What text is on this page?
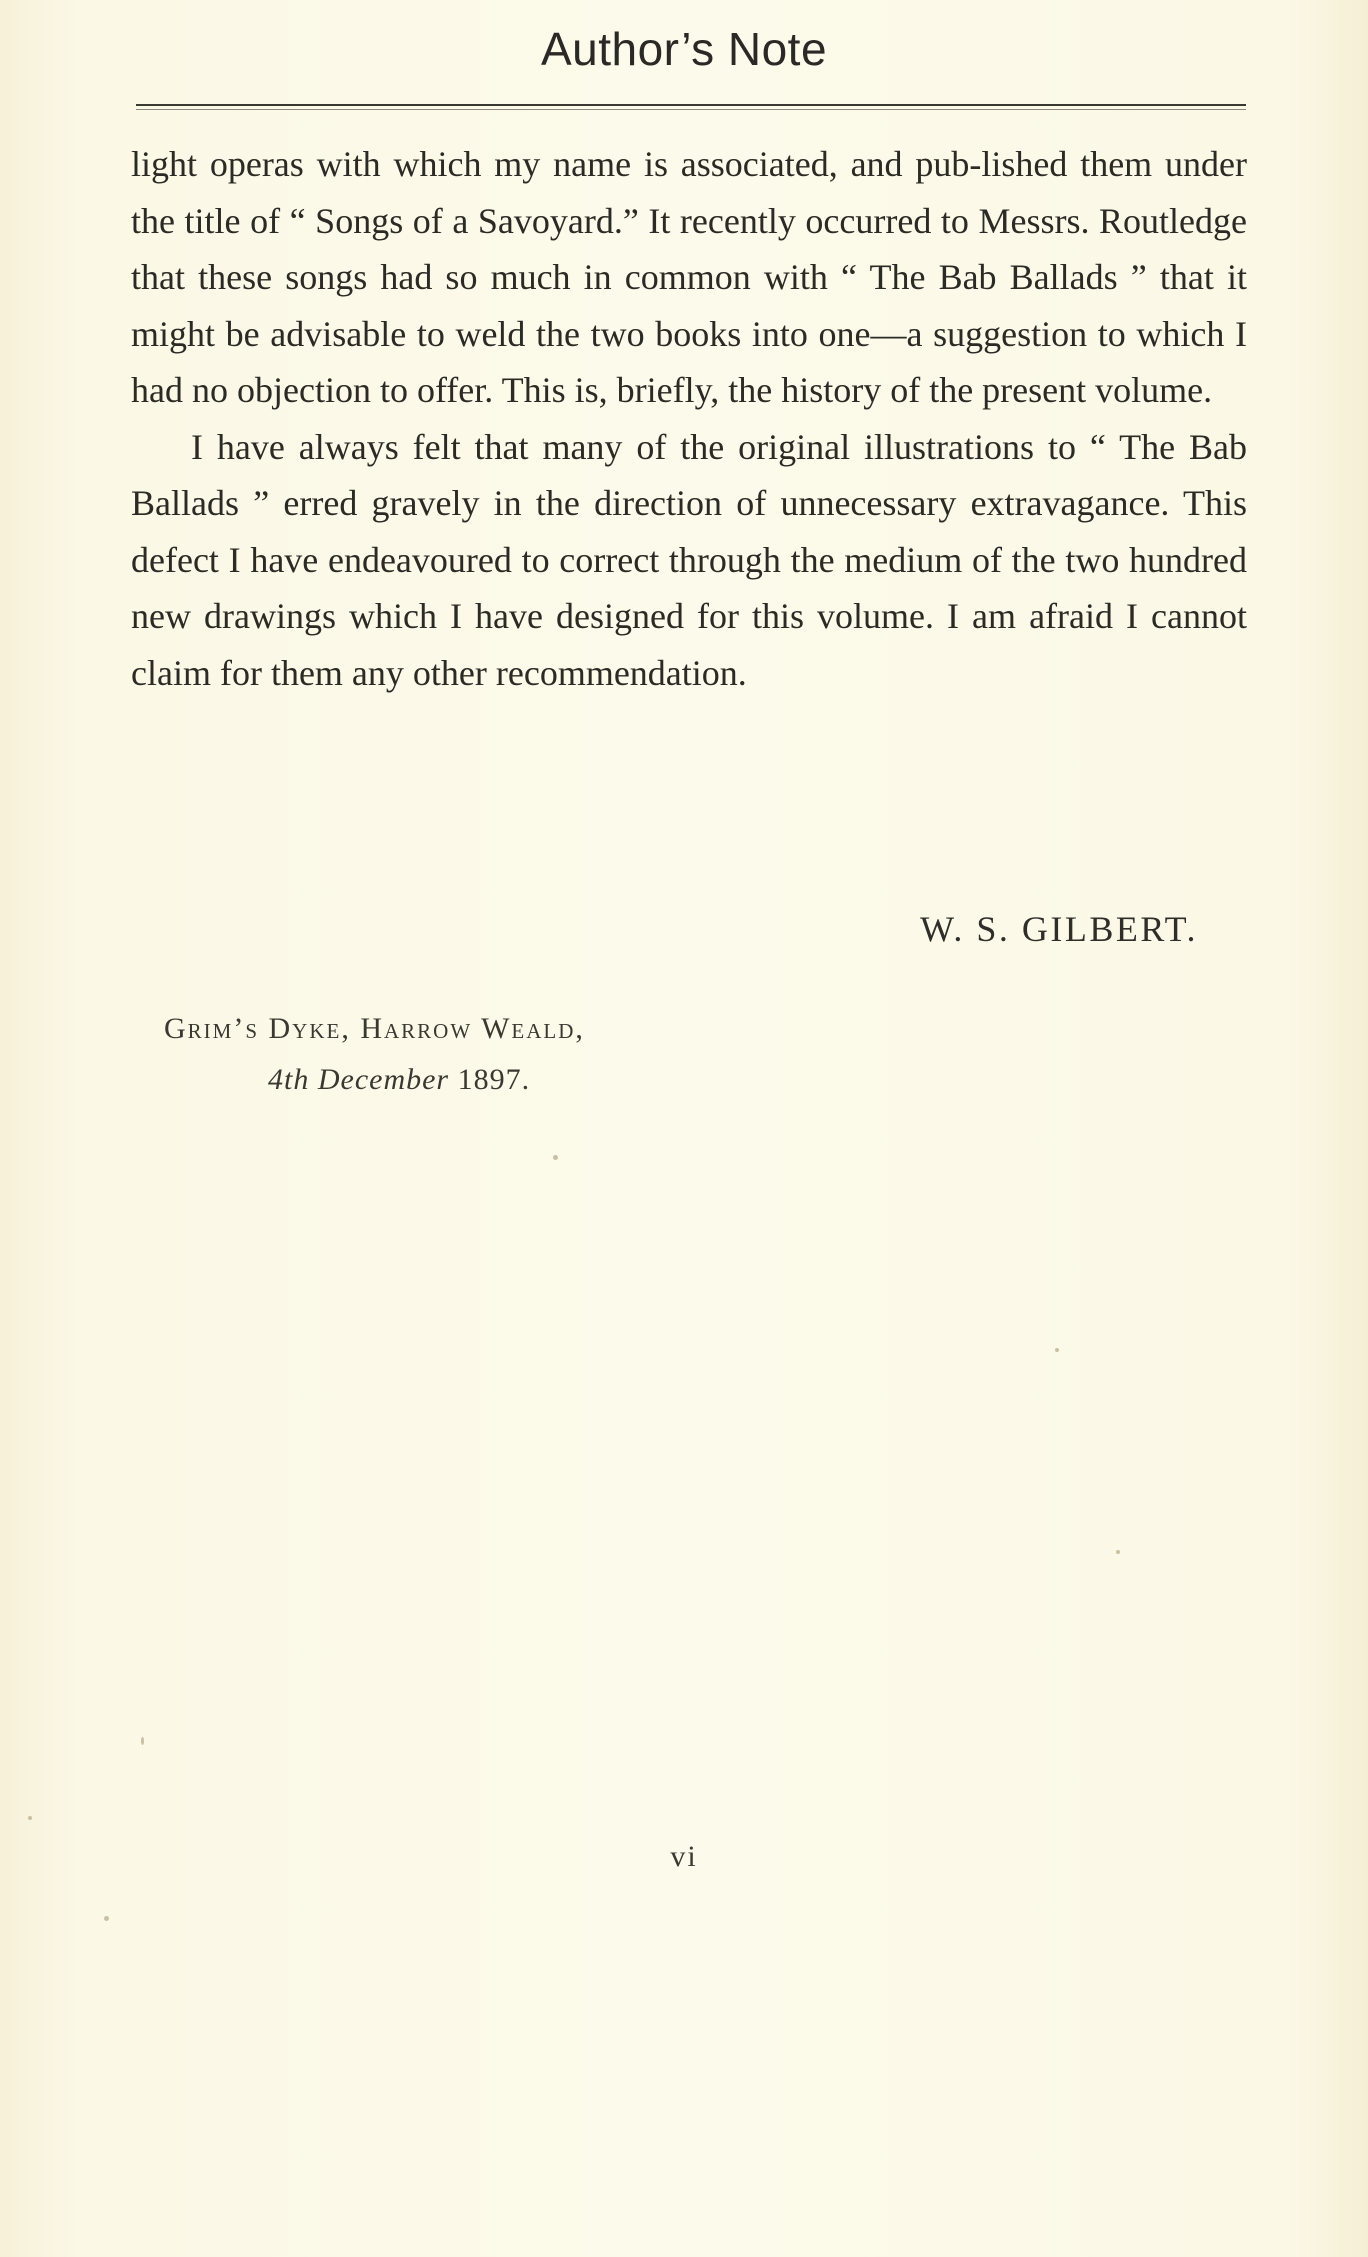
Author’s Note

light operas with which my name is associated, and pub-lished them under the title of “ Songs of a Savoyard.” It recently occurred to Messrs. Routledge that these songs had so much in common with “ The Bab Ballads ” that it might be advisable to weld the two books into one—a suggestion to which I had no objection to offer. This is, briefly, the history of the present volume.

I have always felt that many of the original illustrations to “ The Bab Ballads ” erred gravely in the direction of unnecessary extravagance. This defect I have endeavoured to correct through the medium of the two hundred new drawings which I have designed for this volume. I am afraid I cannot claim for them any other recommendation.

W. S. GILBERT.
Grim’s Dyke, Harrow Weald,
4th December 1897.
vi
